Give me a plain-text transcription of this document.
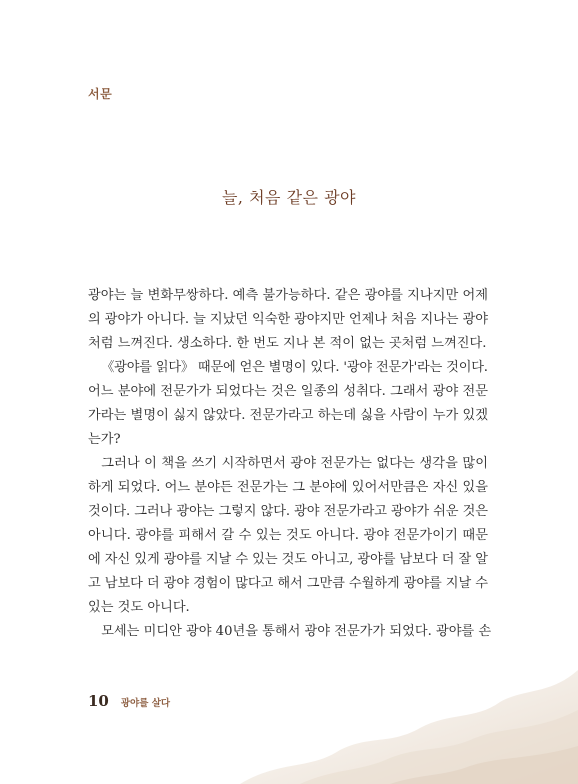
서문
늘, 처음 같은 광야
광야는 늘 변화무쌍하다. 예측 불가능하다. 같은 광야를 지나지만 어제
의 광야가 아니다. 늘 지났던 익숙한 광야지만 언제나 처음 지나는 광야
처럼 느껴진다. 생소하다. 한 번도 지나 본 적이 없는 곳처럼 느껴진다.
《광야를 읽다》 때문에 얻은 별명이 있다. '광야 전문가'라는 것이다.
어느 분야에 전문가가 되었다는 것은 일종의 성취다. 그래서 광야 전문
가라는 별명이 싫지 않았다. 전문가라고 하는데 싫을 사람이 누가 있겠
는가?
그러나 이 책을 쓰기 시작하면서 광야 전문가는 없다는 생각을 많이
하게 되었다. 어느 분야든 전문가는 그 분야에 있어서만큼은 자신 있을
것이다. 그러나 광야는 그렇지 않다. 광야 전문가라고 광야가 쉬운 것은
아니다. 광야를 피해서 갈 수 있는 것도 아니다. 광야 전문가이기 때문
에 자신 있게 광야를 지날 수 있는 것도 아니고, 광야를 남보다 더 잘 알
고 남보다 더 광야 경험이 많다고 해서 그만큼 수월하게 광야를 지날 수
있는 것도 아니다.
모세는 미디안 광야 40년을 통해서 광야 전문가가 되었다. 광야를 손
10 광야를 살다
